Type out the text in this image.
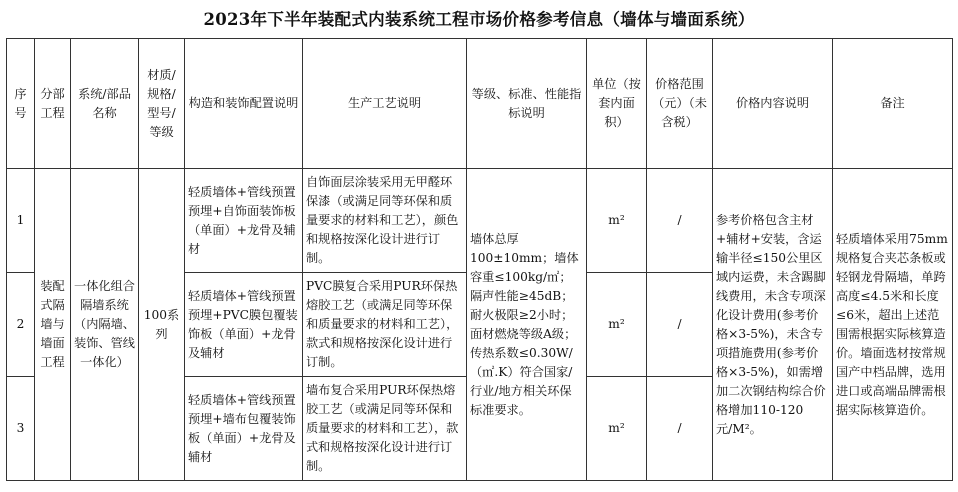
2023年下半年装配式内装系统工程市场价格参考信息（墙体与墙面系统）
序号	分部工程	系统/部品名称	材质/规格/型号/等级	构造和装饰配置说明	生产工艺说明	等级、标准、性能指标说明	单位（按套内面积）	价格范围（元）（未含税）	价格内容说明	备注
1	装配式隔墙与墙面工程	一体化组合隔墙系统（内隔墙、装饰、管线一体化）	100系列	轻质墙体+管线预置预埋+自饰面装饰板（单面）+龙骨及辅材	自饰面层涂装采用无甲醛环保漆（或满足同等环保和质量要求的材料和工艺），颜色和规格按深化设计进行订制。	墙体总厚100±10mm；墙体容重≤100kg/㎡；隔声性能≥45dB；耐火极限≥2小时；面材燃烧等级A级；传热系数≤0.30W/（㎡.K）符合国家/行业/地方相关环保标准要求。	m²	/	参考价格包含主材+辅材+安装，含运输半径≤150公里区域内运费，未含踢脚线费用，未含专项深化设计费用(参考价格×3-5%)，未含专项措施费用(参考价格×3-5%)，如需增加二次钢结构综合价格增加110-120元/M²。	轻质墙体采用75mm规格复合夹芯条板或轻钢龙骨隔墙，单跨高度≤4.5米和长度≤6米，超出上述范围需根据实际核算造价。墙面选材按常规国产中档品牌，选用进口或高端品牌需根据实际核算造价。
2				轻质墙体+管线预置预埋+PVC膜包覆装饰板（单面）+龙骨及辅材	PVC膜复合采用PUR环保热熔胶工艺（或满足同等环保和质量要求的材料和工艺），款式和规格按深化设计进行订制。		m²	/		
3				轻质墙体+管线预置预埋+墙布包覆装饰板（单面）+龙骨及辅材	墙布复合采用PUR环保热熔胶工艺（或满足同等环保和质量要求的材料和工艺），款式和规格按深化设计进行订制。		m²	/		
